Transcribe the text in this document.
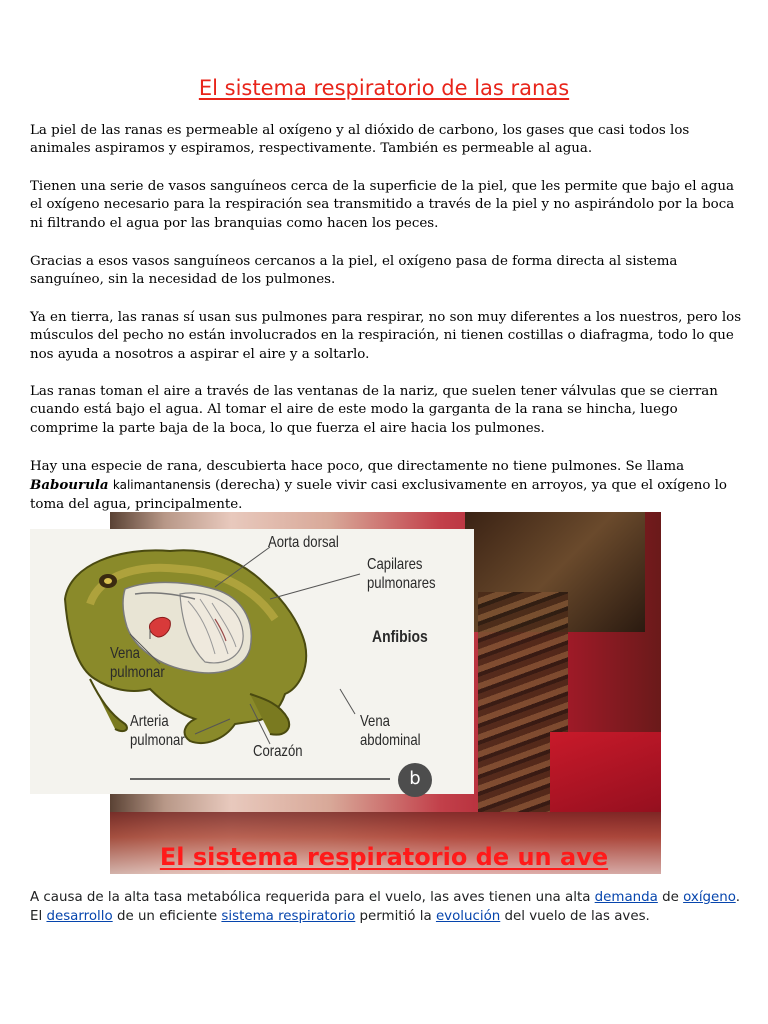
El sistema respiratorio de las ranas

La piel de las ranas es permeable al oxígeno y al dióxido de carbono, los gases que casi todos los animales aspiramos y espiramos, respectivamente. También es permeable al agua.

Tienen una serie de vasos sanguíneos cerca de la superficie de la piel, que les permite que bajo el agua el oxígeno necesario para la respiración sea transmitido a través de la piel y no aspirándolo por la boca ni filtrando el agua por las branquias como hacen los peces.

Gracias a esos vasos sanguíneos cercanos a la piel, el oxígeno pasa de forma directa al sistema sanguíneo, sin la necesidad de los pulmones.

Ya en tierra, las ranas sí usan sus pulmones para respirar, no son muy diferentes a los nuestros, pero los músculos del pecho no están involucrados en la respiración, ni tienen costillas o diafragma, todo lo que nos ayuda a nosotros a aspirar el aire y a soltarlo.

Las ranas toman el aire a través de las ventanas de la nariz, que suelen tener válvulas que se cierran cuando está bajo el agua. Al tomar el aire de este modo la garganta de la rana se hincha, luego comprime la parte baja de la boca, lo que fuerza el aire hacia los pulmones.

Hay una especie de rana, descubierta hace poco, que directamente no tiene pulmones. Se llama Babourula kalimantanensis (derecha) y suele vivir casi exclusivamente en arroyos, ya que el oxígeno lo toma del agua, principalmente.

Aorta dorsal
Capilares
pulmonares
Anfibios
Vena
pulmonar
Arteria
pulmonar
Corazón
Vena
abdominal
b
El sistema respiratorio de un ave

A causa de la alta tasa metabólica requerida para el vuelo, las aves tienen una alta demanda de oxígeno. El desarrollo de un eficiente sistema respiratorio permitió la evolución del vuelo de las aves.
